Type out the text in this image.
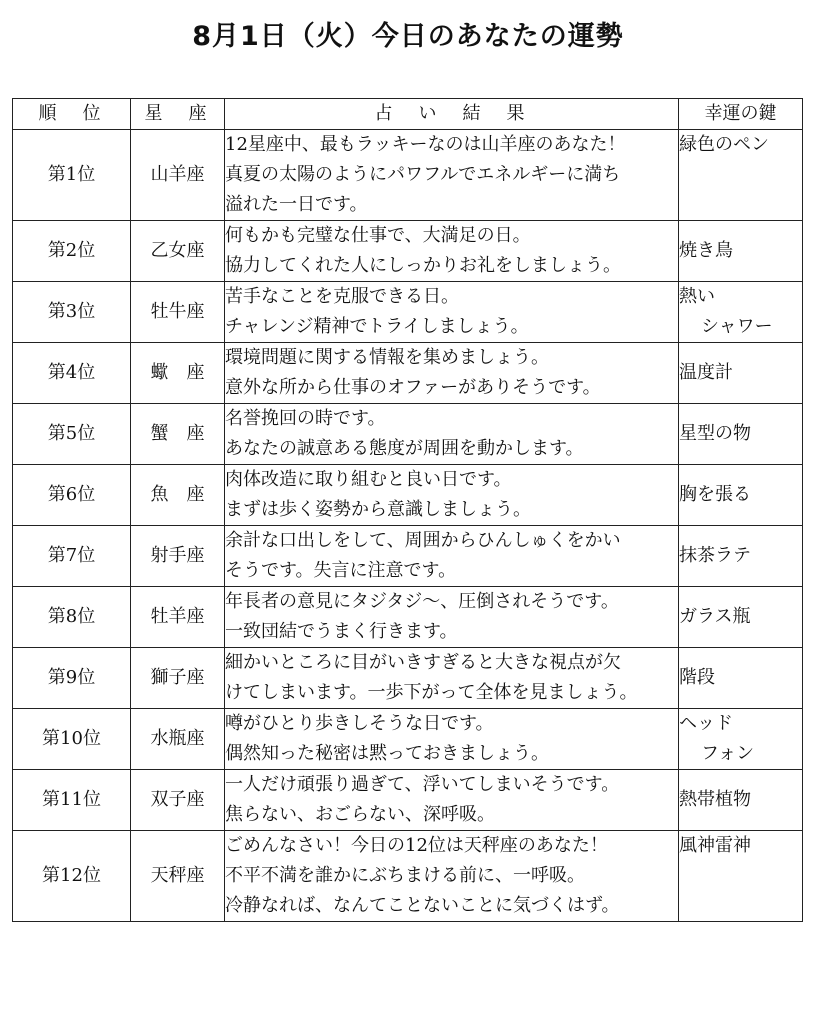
8月1日（火）今日のあなたの運勢
順　位	星　座	占　い　結　果	幸運の鍵
第1位	山羊座	12星座中、最もラッキーなのは山羊座のあなた！
真夏の太陽のようにパワフルでエネルギーに満ち
溢れた一日です。	緑色のペン

第2位	乙女座	何もかも完璧な仕事で、大満足の日。
協力してくれた人にしっかりお礼をしましょう。	焼き鳥

第3位	牡牛座	苦手なことを克服できる日。
チャレンジ精神でトライしましょう。	熱い
シャワー

第4位	蠍　座	環境問題に関する情報を集めましょう。
意外な所から仕事のオファーがありそうです。	温度計

第5位	蟹　座	名誉挽回の時です。
あなたの誠意ある態度が周囲を動かします。	星型の物

第6位	魚　座	肉体改造に取り組むと良い日です。
まずは歩く姿勢から意識しましょう。	胸を張る

第7位	射手座	余計な口出しをして、周囲からひんしゅくをかい
そうです。失言に注意です。	抹茶ラテ

第8位	牡羊座	年長者の意見にタジタジ〜、圧倒されそうです。
一致団結でうまく行きます。	ガラス瓶

第9位	獅子座	細かいところに目がいきすぎると大きな視点が欠
けてしまいます。一歩下がって全体を見ましょう。	階段

第10位	水瓶座	噂がひとり歩きしそうな日です。
偶然知った秘密は黙っておきましょう。	ヘッド
フォン

第11位	双子座	一人だけ頑張り過ぎて、浮いてしまいそうです。
焦らない、おごらない、深呼吸。	熱帯植物

第12位	天秤座	ごめんなさい！今日の12位は天秤座のあなた！
不平不満を誰かにぶちまける前に、一呼吸。
冷静なれば、なんてことないことに気づくはず。	風神雷神
